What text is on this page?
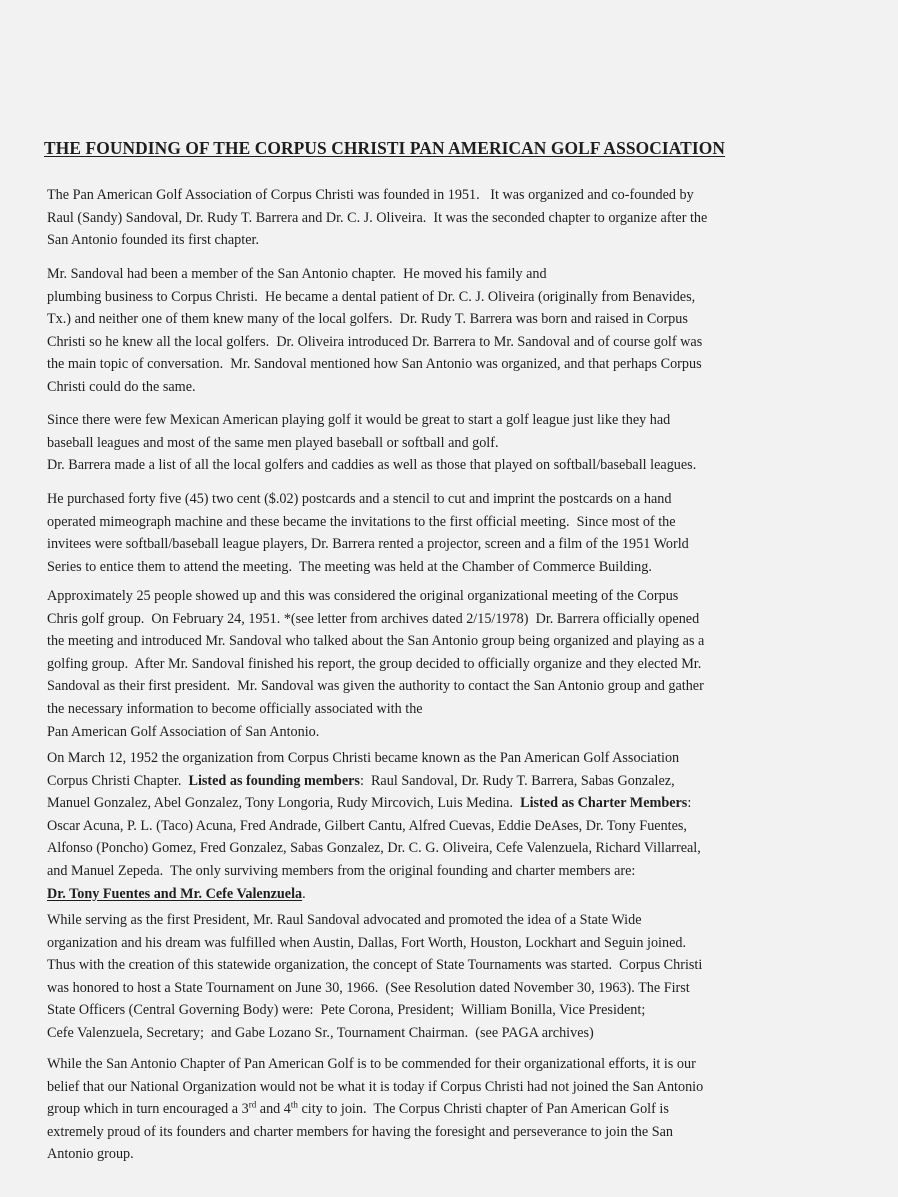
THE FOUNDING OF THE CORPUS CHRISTI PAN AMERICAN GOLF ASSOCIATION
The Pan American Golf Association of Corpus Christi was founded in 1951.   It was organized and co-founded by
Raul (Sandy) Sandoval, Dr. Rudy T. Barrera and Dr. C. J. Oliveira.  It was the seconded chapter to organize after the
San Antonio founded its first chapter.
Mr. Sandoval had been a member of the San Antonio chapter.  He moved his family and
plumbing business to Corpus Christi.  He became a dental patient of Dr. C. J. Oliveira (originally from Benavides,
Tx.) and neither one of them knew many of the local golfers.  Dr. Rudy T. Barrera was born and raised in Corpus
Christi so he knew all the local golfers.  Dr. Oliveira introduced Dr. Barrera to Mr. Sandoval and of course golf was
the main topic of conversation.  Mr. Sandoval mentioned how San Antonio was organized, and that perhaps Corpus
Christi could do the same.
Since there were few Mexican American playing golf it would be great to start a golf league just like they had
baseball leagues and most of the same men played baseball or softball and golf.
Dr. Barrera made a list of all the local golfers and caddies as well as those that played on softball/baseball leagues.
He purchased forty five (45) two cent ($.02) postcards and a stencil to cut and imprint the postcards on a hand
operated mimeograph machine and these became the invitations to the first official meeting.  Since most of the
invitees were softball/baseball league players, Dr. Barrera rented a projector, screen and a film of the 1951 World
Series to entice them to attend the meeting.  The meeting was held at the Chamber of Commerce Building.
Approximately 25 people showed up and this was considered the original organizational meeting of the Corpus
Chris golf group.  On February 24, 1951. *(see letter from archives dated 2/15/1978)  Dr. Barrera officially opened
the meeting and introduced Mr. Sandoval who talked about the San Antonio group being organized and playing as a
golfing group.  After Mr. Sandoval finished his report, the group decided to officially organize and they elected Mr.
Sandoval as their first president.  Mr. Sandoval was given the authority to contact the San Antonio group and gather
the necessary information to become officially associated with the
Pan American Golf Association of San Antonio.
On March 12, 1952 the organization from Corpus Christi became known as the Pan American Golf Association
Corpus Christi Chapter.  Listed as founding members:  Raul Sandoval, Dr. Rudy T. Barrera, Sabas Gonzalez,
Manuel Gonzalez, Abel Gonzalez, Tony Longoria, Rudy Mircovich, Luis Medina.  Listed as Charter Members:
Oscar Acuna, P. L. (Taco) Acuna, Fred Andrade, Gilbert Cantu, Alfred Cuevas, Eddie DeAses, Dr. Tony Fuentes,
Alfonso (Poncho) Gomez, Fred Gonzalez, Sabas Gonzalez, Dr. C. G. Oliveira, Cefe Valenzuela, Richard Villarreal,
and Manuel Zepeda.  The only surviving members from the original founding and charter members are:
Dr. Tony Fuentes and Mr. Cefe Valenzuela.
While serving as the first President, Mr. Raul Sandoval advocated and promoted the idea of a State Wide
organization and his dream was fulfilled when Austin, Dallas, Fort Worth, Houston, Lockhart and Seguin joined.
Thus with the creation of this statewide organization, the concept of State Tournaments was started.  Corpus Christi
was honored to host a State Tournament on June 30, 1966.  (See Resolution dated November 30, 1963). The First
State Officers (Central Governing Body) were:  Pete Corona, President;  William Bonilla, Vice President;
Cefe Valenzuela, Secretary;  and Gabe Lozano Sr., Tournament Chairman.  (see PAGA archives)
While the San Antonio Chapter of Pan American Golf is to be commended for their organizational efforts, it is our
belief that our National Organization would not be what it is today if Corpus Christi had not joined the San Antonio
group which in turn encouraged a 3rd and 4th city to join.  The Corpus Christi chapter of Pan American Golf is
extremely proud of its founders and charter members for having the foresight and perseverance to join the San
Antonio group.
